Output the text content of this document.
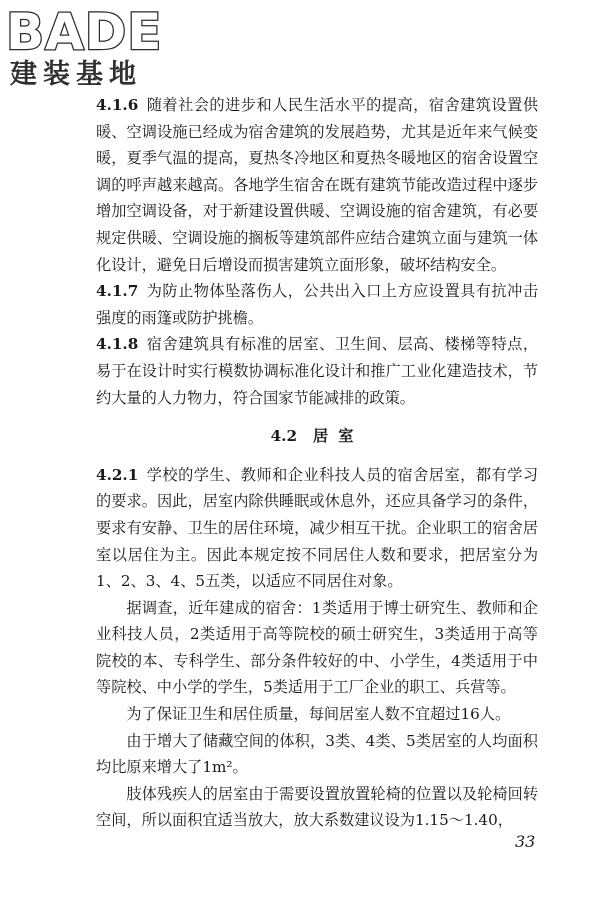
BADE
建装基地

4.1.6 随着社会的进步和人民生活水平的提高，宿舍建筑设置供暖、空调设施已经成为宿舍建筑的发展趋势，尤其是近年来气候变暖，夏季气温的提高，夏热冬冷地区和夏热冬暖地区的宿舍设置空调的呼声越来越高。各地学生宿舍在既有建筑节能改造过程中逐步增加空调设备，对于新建设置供暖、空调设施的宿舍建筑，有必要规定供暖、空调设施的搁板等建筑部件应结合建筑立面与建筑一体化设计，避免日后增设而损害建筑立面形象，破坏结构安全。

4.1.7 为防止物体坠落伤人，公共出入口上方应设置具有抗冲击强度的雨篷或防护挑檐。

4.1.8 宿舍建筑具有标准的居室、卫生间、层高、楼梯等特点，易于在设计时实行模数协调标准化设计和推广工业化建造技术，节约大量的人力物力，符合国家节能减排的政策。

4.2 居室

4.2.1 学校的学生、教师和企业科技人员的宿舍居室，都有学习的要求。因此，居室内除供睡眠或休息外，还应具备学习的条件，要求有安静、卫生的居住环境，减少相互干扰。企业职工的宿舍居室以居住为主。因此本规定按不同居住人数和要求，把居室分为1、2、3、4、5五类，以适应不同居住对象。

据调查，近年建成的宿舍：1类适用于博士研究生、教师和企业科技人员，2类适用于高等院校的硕士研究生，3类适用于高等院校的本、专科学生、部分条件较好的中、小学生，4类适用于中等院校、中小学的学生，5类适用于工厂企业的职工、兵营等。

为了保证卫生和居住质量，每间居室人数不宜超过16人。

由于增大了储藏空间的体积，3类、4类、5类居室的人均面积均比原来增大了1m²。

肢体残疾人的居室由于需要设置放置轮椅的位置以及轮椅回转空间，所以面积宜适当放大，放大系数建议设为1.15～1.40，

33
